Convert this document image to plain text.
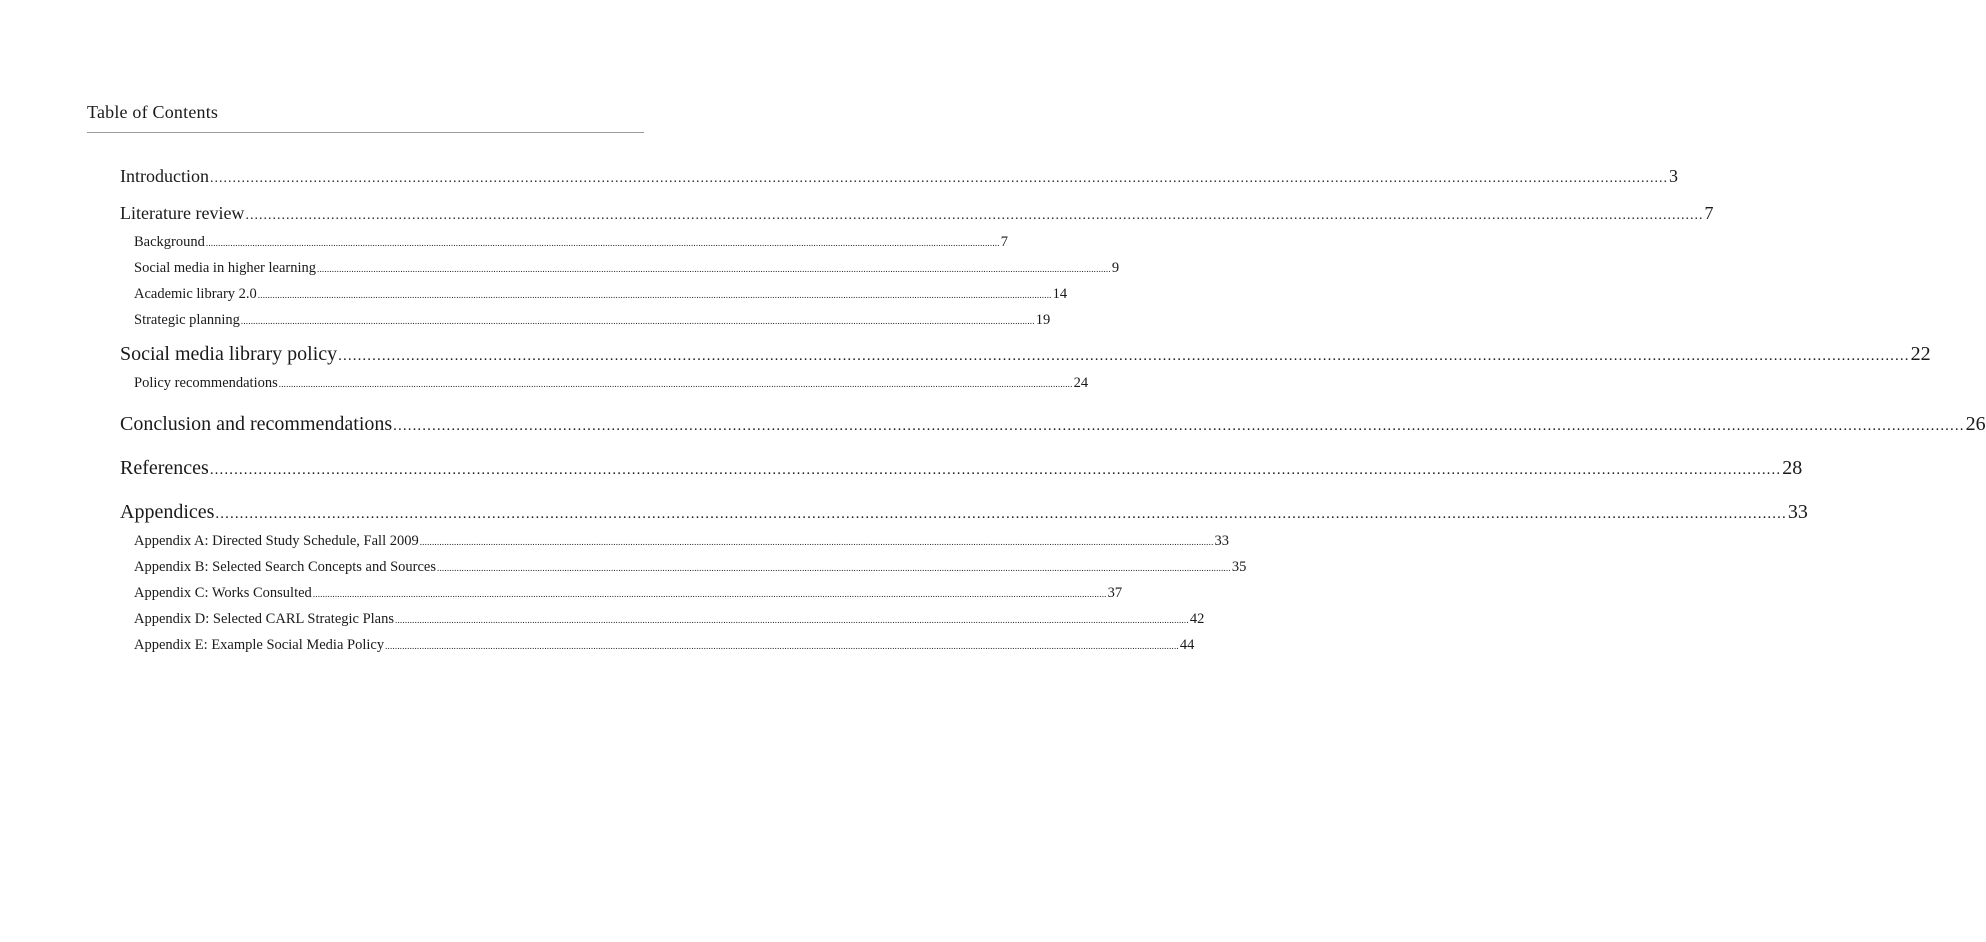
Table of Contents
Introduction .................................................................................................................................................................................................................................................................................................................................... 3
Literature review .................................................................................................................................................................................................................................................................................................................................... 7
Background .................................................................................................................................................................................................................................................................................................................................... 7
Social media in higher learning .................................................................................................................................................................................................................................................................................................................................... 9
Academic library 2.0 .................................................................................................................................................................................................................................................................................................................................... 14
Strategic planning .................................................................................................................................................................................................................................................................................................................................... 19
Social media library policy .................................................................................................................................................................................................................................................................................................................................... 22
Policy recommendations .................................................................................................................................................................................................................................................................................................................................... 24
Conclusion and recommendations .................................................................................................................................................................................................................................................................................................................................... 26
References .................................................................................................................................................................................................................................................................................................................................... 28
Appendices .................................................................................................................................................................................................................................................................................................................................... 33
Appendix A: Directed Study Schedule, Fall 2009 .................................................................................................................................................................................................................................................................................................................................... 33
Appendix B: Selected Search Concepts and Sources .................................................................................................................................................................................................................................................................................................................................... 35
Appendix C: Works Consulted .................................................................................................................................................................................................................................................................................................................................... 37
Appendix D: Selected CARL Strategic Plans .................................................................................................................................................................................................................................................................................................................................... 42
Appendix E: Example Social Media Policy .................................................................................................................................................................................................................................................................................................................................... 44
